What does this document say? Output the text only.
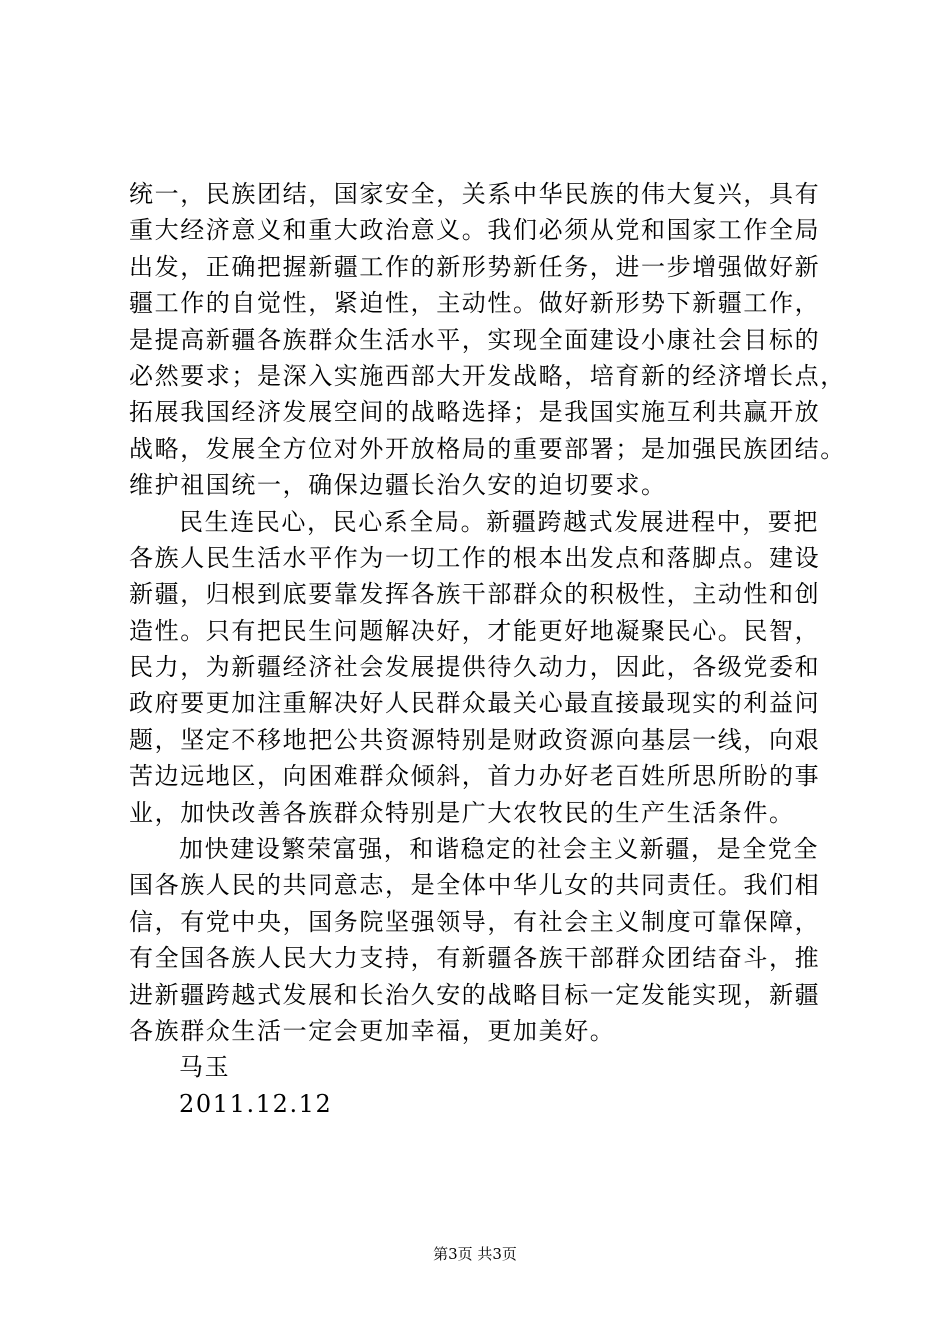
统一，民族团结，国家安全，关系中华民族的伟大复兴，具有
重大经济意义和重大政治意义。我们必须从党和国家工作全局
出发，正确把握新疆工作的新形势新任务，进一步增强做好新
疆工作的自觉性，紧迫性，主动性。做好新形势下新疆工作，
是提高新疆各族群众生活水平，实现全面建设小康社会目标的
必然要求；是深入实施西部大开发战略，培育新的经济增长点，
拓展我国经济发展空间的战略选择；是我国实施互利共赢开放
战略，发展全方位对外开放格局的重要部署；是加强民族团结。
维护祖国统一，确保边疆长治久安的迫切要求。
民生连民心，民心系全局。新疆跨越式发展进程中，要把
各族人民生活水平作为一切工作的根本出发点和落脚点。建设
新疆，归根到底要靠发挥各族干部群众的积极性，主动性和创
造性。只有把民生问题解决好，才能更好地凝聚民心。民智，
民力，为新疆经济社会发展提供待久动力，因此，各级党委和
政府要更加注重解决好人民群众最关心最直接最现实的利益问
题，坚定不移地把公共资源特别是财政资源向基层一线，向艰
苦边远地区，向困难群众倾斜，首力办好老百姓所思所盼的事
业，加快改善各族群众特别是广大农牧民的生产生活条件。
加快建设繁荣富强，和谐稳定的社会主义新疆，是全党全
国各族人民的共同意志，是全体中华儿女的共同责任。我们相
信，有党中央，国务院坚强领导，有社会主义制度可靠保障，
有全国各族人民大力支持，有新疆各族干部群众团结奋斗，推
进新疆跨越式发展和长治久安的战略目标一定发能实现，新疆
各族群众生活一定会更加幸福，更加美好。
马玉
2011.12.12
第3页 共3页
